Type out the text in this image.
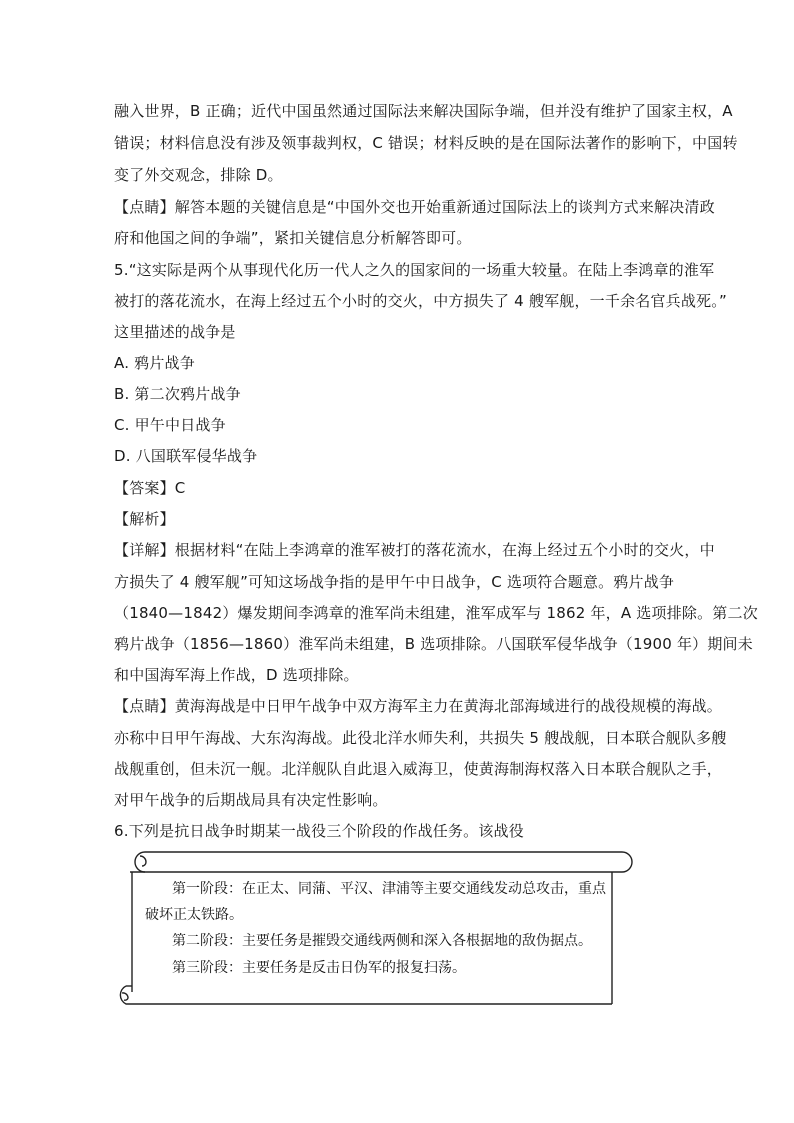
融入世界，B 正确；近代中国虽然通过国际法来解决国际争端，但并没有维护了国家主权，A
错误；材料信息没有涉及领事裁判权，C 错误；材料反映的是在国际法著作的影响下，中国转
变了外交观念，排除 D。
【点睛】解答本题的关键信息是“中国外交也开始重新通过国际法上的谈判方式来解决清政
府和他国之间的争端”，紧扣关键信息分析解答即可。
5.“这实际是两个从事现代化历一代人之久的国家间的一场重大较量。在陆上李鸿章的淮军
被打的落花流水，在海上经过五个小时的交火，中方损失了 4 艘军舰，一千余名官兵战死。”
这里描述的战争是
A. 鸦片战争
B. 第二次鸦片战争
C. 甲午中日战争
D. 八国联军侵华战争
【答案】C
【解析】
【详解】根据材料“在陆上李鸿章的淮军被打的落花流水，在海上经过五个小时的交火，中
方损失了 4 艘军舰”可知这场战争指的是甲午中日战争，C 选项符合题意。鸦片战争
（1840—1842）爆发期间李鸿章的淮军尚未组建，淮军成军与 1862 年，A 选项排除。第二次
鸦片战争（1856—1860）淮军尚未组建，B 选项排除。八国联军侵华战争（1900 年）期间未
和中国海军海上作战，D 选项排除。
【点睛】黄海海战是中日甲午战争中双方海军主力在黄海北部海域进行的战役规模的海战。
亦称中日甲午海战、大东沟海战。此役北洋水师失利，共损失 5 艘战舰，日本联合舰队多艘
战舰重创，但未沉一舰。北洋舰队自此退入威海卫，使黄海制海权落入日本联合舰队之手，
对甲午战争的后期战局具有决定性影响。
6.下列是抗日战争时期某一战役三个阶段的作战任务。该战役
第一阶段：在正太、同蒲、平汉、津浦等主要交通线发动总攻击，重点
破坏正太铁路。
第二阶段：主要任务是摧毁交通线两侧和深入各根据地的敌伪据点。
第三阶段：主要任务是反击日伪军的报复扫荡。
